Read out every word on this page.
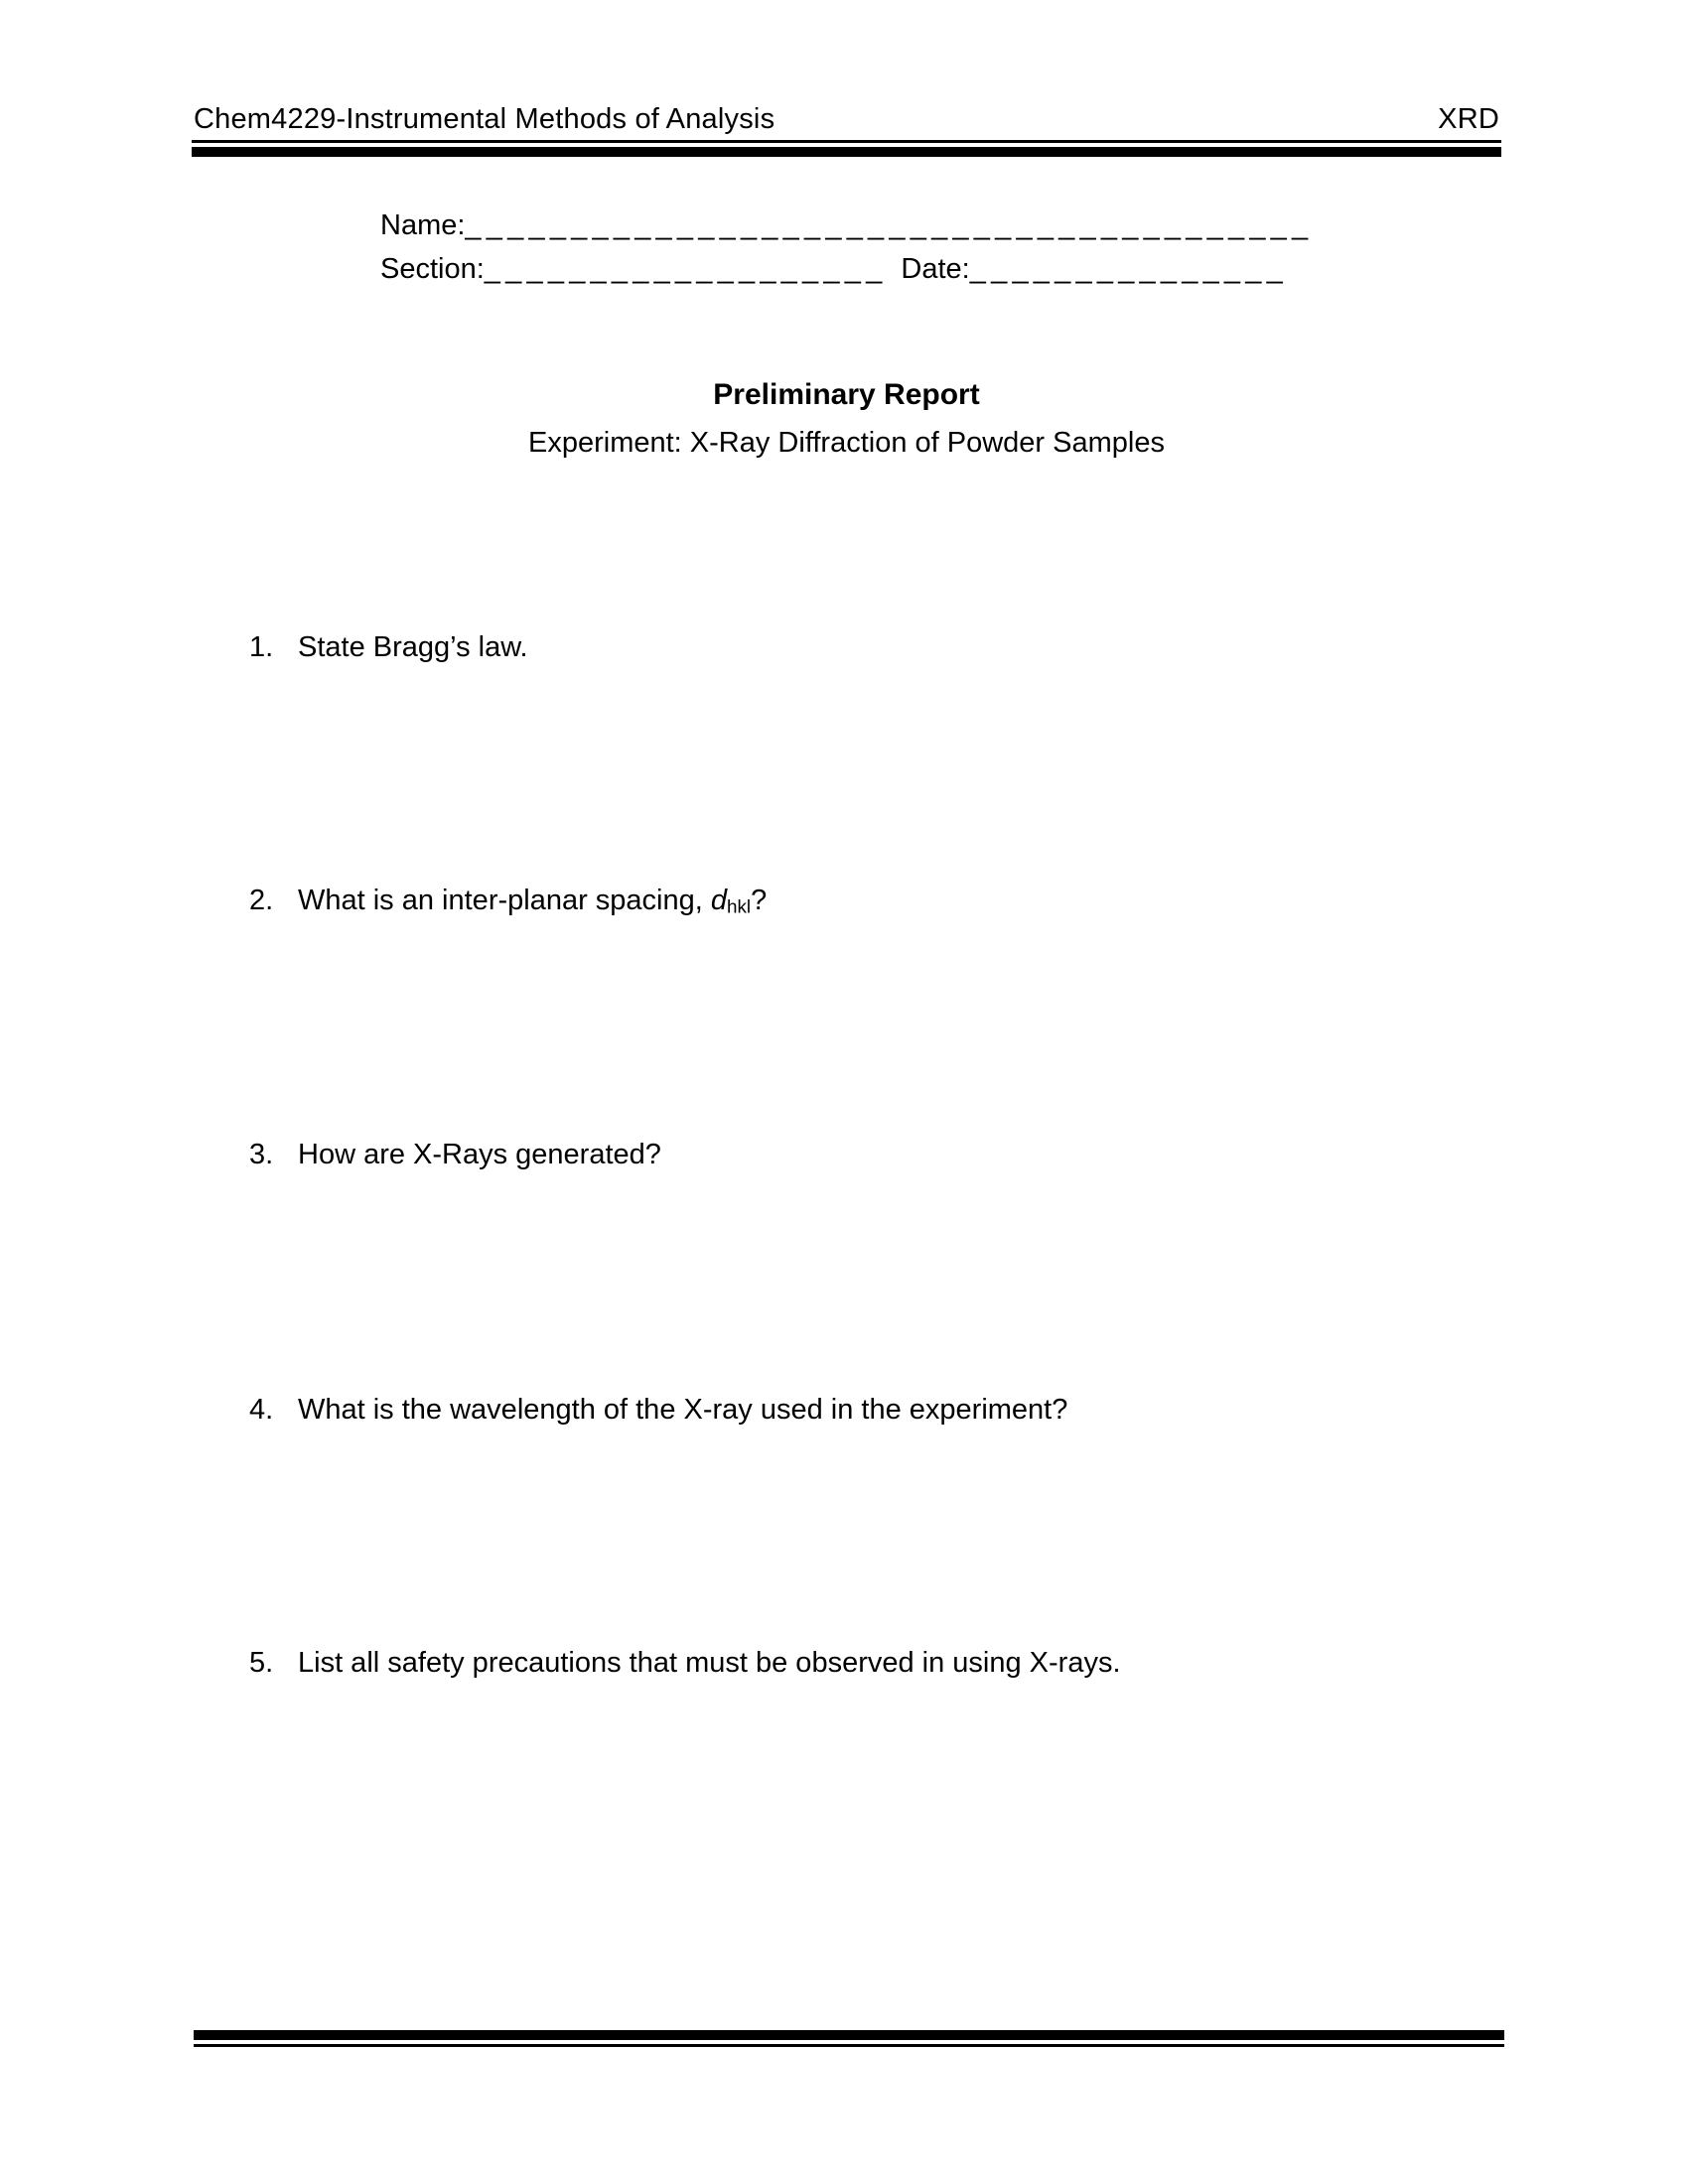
Chem4229-Instrumental Methods of Analysis	XRD
Name:________________________________________
Section:___________________ Date:_______________
Preliminary Report
Experiment: X-Ray Diffraction of Powder Samples
1. State Bragg’s law.
2. What is an inter-planar spacing, dhkl?
3. How are X-Rays generated?
4. What is the wavelength of the X-ray used in the experiment?
5. List all safety precautions that must be observed in using X-rays.
